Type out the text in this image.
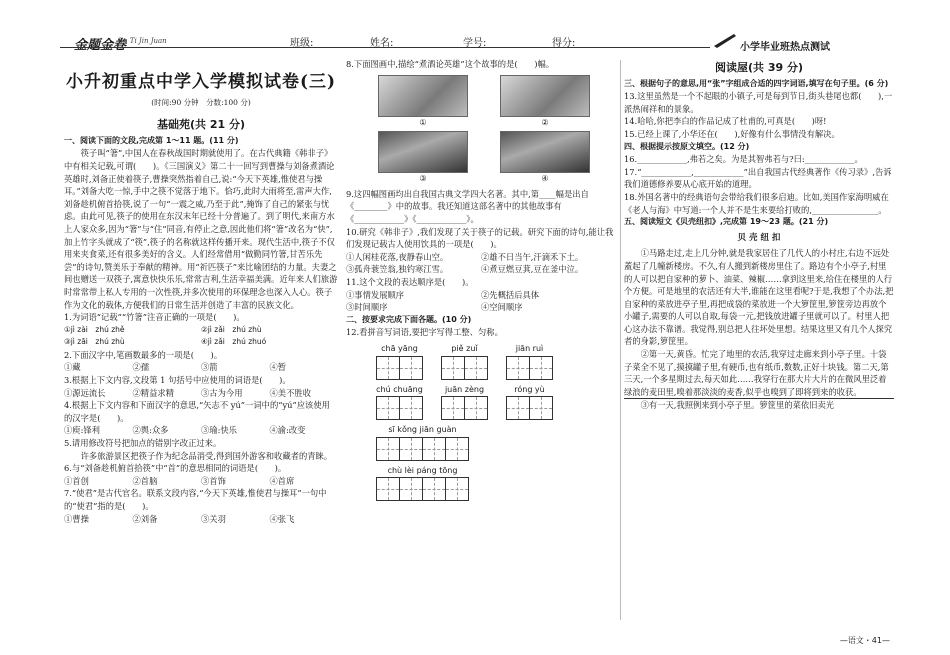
金题金卷
Jin Ti Jin Juan	班级:	姓名:	学号:	得分:	小学毕业班热点测试
小升初重点中学入学模拟试卷(三)
(时间:90 分钟　分数:100 分)
基础苑(共 21 分)

一、阅读下面的文段,完成第 1～11 题。(11 分)

筷子叫“箸”,中国人在春秋战国时期就使用了。在古代典籍《韩非子》中有相关记载,可谓(　　)。《三国演义》第二十一回写到曹操与刘备煮酒论英雄时,刘备正使着筷子,曹操突然指着自己,说:“今天下英雄,惟使君与操耳。”刘备大吃一惊,手中之筷不觉落于地下。恰巧,此时大雨将至,雷声大作,刘备趁机俯首拾筷,说了一句“一震之威,乃至于此”,掩饰了自己的紧张与忧虑。由此可见,筷子的使用在东汉末年已经十分普遍了。到了明代,来南方水上人家众多,因为“箸”与“住”同音,有停止之意,因此他们将“箸”改名为“快”,加上竹字头就成了“筷”,筷子的名称就这样传播开来。现代生活中,筷子不仅用来夹食菜,还有很多美好的含义。人们经常借用“做勤同竹箸,甘苦乐先尝”的诗句,赞美乐于奉献的精神。用“祈匹筷子”来比喻团结的力量。夫妻之间也赠送一双筷子,寓意快快乐乐,常常吉利,生活幸福美满。近年来人们旅游时常常带上私人专用的一次性筷,并多次使用的环保理念也深入人心。筷子作为文化的载体,方便我们的日常生活并创造了丰富的民族文化。

1.为词语“记载”“竹箸”注音正确的一项是(　　)。

①jì zài　zhú zhě	②jì zǎi　zhú zhù
③jì zāi　zhú zhù	④jì zǎi　zhú zhuó

2.下面汉字中,笔画数最多的一项是(　　)。

①藏	②孺	③箭	④暂

3.根据上下文内容,文段第 1 句括号中应使用的词语是(　　)。

①源远流长	②精益求精	③古为今用	④美不胜收

4.根据上下文内容和下面汉字的意思,“矢志不 yú”一词中的“yú”应该使用的汉字是(　　)。

①庾:锋利	②舆:众多	③瑜:快乐	④渝:改变

5.请用修改符号把加点的错别字改正过来。

许多旅游景区把筷子作为纪念品消受,得到国外游客和收藏者的青睐。

6.与“刘备趁机俯首拾筷”中“首”的意思相同的词语是(　　)。

①首创	②首脑	③首饰	④首席

7.“使君”是古代官名。联系文段内容,“今天下英雄,惟使君与操耳”一句中的“使君”指的是(　　)。

①曹操	②刘备	③关羽	④张飞

8.下面图画中,描绘“煮酒论英雄”这个故事的是(　　)幅。

①	②
③	④

9.这四幅图画均出自我国古典文学四大名著。其中,第____幅是出自《________》中的故事。我还知道这部名著中的其他故事有《____________》《____________》。

10.研究《韩非子》,我们发现了关于筷子的记载。研究下面的诗句,能让我们发现记载古人使用饮具的一项是(　　)。

①人闲桂花落,夜静春山空。	②雄不日当午,汗滴禾下土。
③孤舟蓑笠翁,独钓寒江雪。	④煮豆燃豆萁,豆在釜中泣。

11.这个文段的表达顺序是(　　)。

①事情发展顺序	②先概括后具体
③时间顺序	④空间顺序

二、按要求完成下面各题。(10 分)

12.看拼音写词语,要把字写得工整、匀称。

chā yāng	piě zuǐ	jiān ruì
chú chuāng	juān zèng	róng yù
sī kǒng jiān guàn
chù lèi páng tōng
阅读屋(共 39 分)

三、根据句子的意思,用“张”字组成合适的四字词语,填写在句子里。(6 分)

13.这里虽然是一个不起眼的小镇子,可是每到节日,街头巷尾也都(　　),一派热闹祥和的景象。

14.哈哈,你把李白的作品记成了杜甫的,可真是(　　)呀!

15.已经上课了,小华还在(　　),好像有什么事情没有解决。

四、根据提示按原文填空。(12 分)

16.____________,弗若之矣。为是其智弗若与?曰:____________。

17.“____________,____________”出自我国古代经典著作《传习录》,告诉我们道德修养要从心底开始的道理。

18.外国名著中的经典语句会带给我们很多启迪。比如,美国作家海明威在《老人与海》中写道:一个人并不是生来要给打败的,________________。

五、阅读短文《贝壳纽扣》,完成第 19～23 题。(21 分)

贝 壳 纽 扣

①马路走过,走上几分钟,就是我家居住了几代人的小村庄,右边不远处蓋起了几幢新楼房。不久,有人搬到新楼房里住了。路边有个小亭子,村里的人可以把自家种的萝卜、油菜、辣椒……拿到这里来,给住在楼里的人行个方便。可是地里的农活还有大半,谁能在这里看呢?于是,我想了个办法,把自家种的菜放进亭子里,再把成袋的菜放进一个大箩筐里,箩筐旁边再放个小罐子,需要的人可以自取,每袋一元,把钱放进罐子里就可以了。村里人把心这办法不靠谱。我觉得,别总把人往坏处里想。结果这里又有几个人探究者的身影,箩筐里。

②第一天,黄昏。忙完了地里的农活,我穿过走廊来到小亭子里。十袋子菜全不见了,摸摸罐子里,有硬币,也有纸币,数数,正好十块钱。第二天,第三天,一个多星期过去,每天如此……我穿行在那大片大片的在微风里泛着绿浪的麦田里,嗅着那淡淡的麦香,似乎也嗅到了即将到来的收获。

③有一天,我照例来到小亭子里。箩筐里的菜依旧卖光

—语文・41—
